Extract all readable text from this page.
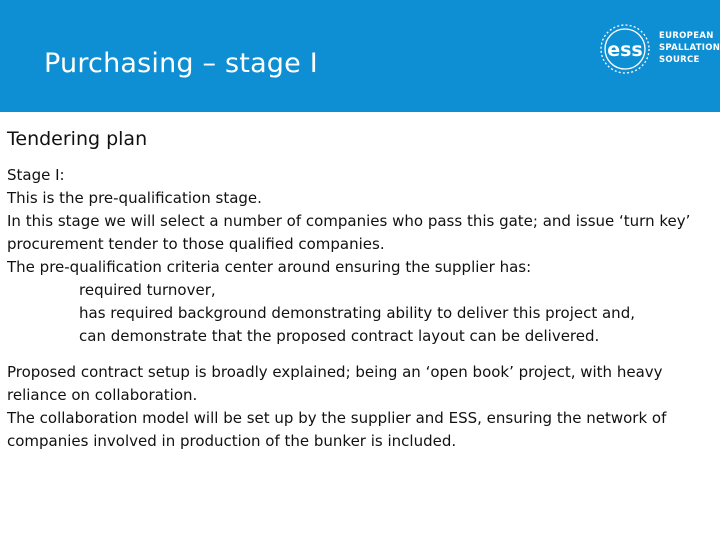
Purchasing – stage I	ess
EUROPEAN
SPALLATION
SOURCE
Tendering plan
Stage I:
This is the pre-qualification stage.
In this stage we will select a number of companies who pass this gate; and issue ‘turn key’
procurement tender to those qualified companies.
The pre-qualification criteria center around ensuring the supplier has:
required turnover,
has required background demonstrating ability to deliver this project and,
can demonstrate that the proposed contract layout can be delivered.
Proposed contract setup is broadly explained; being an ‘open book’ project, with heavy
reliance on collaboration.
The collaboration model will be set up by the supplier and ESS, ensuring the network of
companies involved in production of the bunker is included.
